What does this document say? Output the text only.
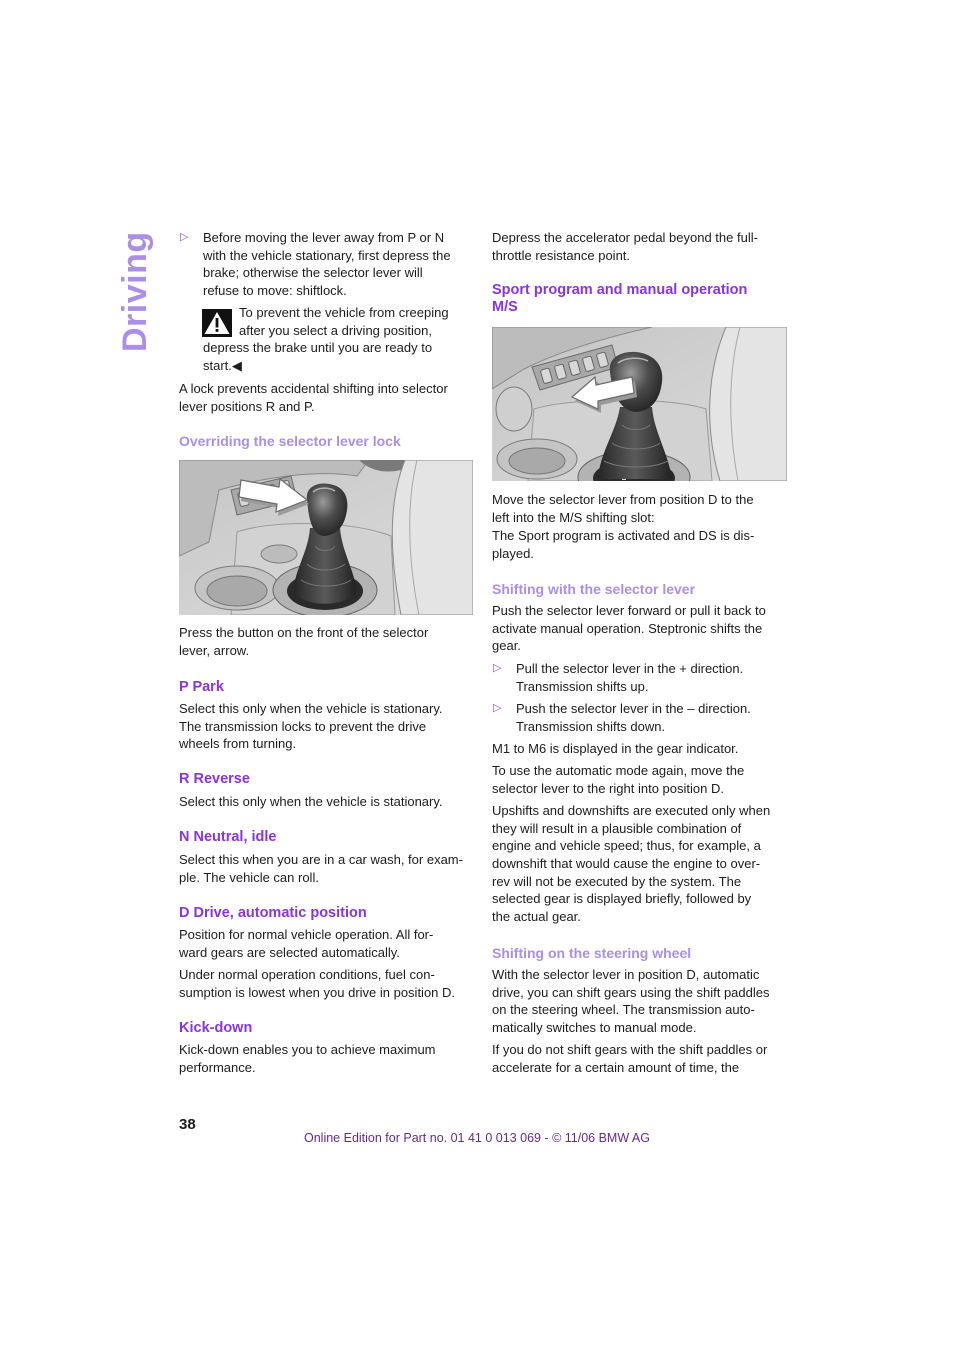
Driving ▷ Before moving the lever away from P or N
with the vehicle stationary, first depress the
brake; otherwise the selector lever will
refuse to move: shiftlock.
To prevent the vehicle from creeping
after you select a driving position,
depress the brake until you are ready to
start.◀
A lock prevents accidental shifting into selector
lever positions R and P.
Overriding the selector lever lock
Press the button on the front of the selector
lever, arrow.
P Park
Select this only when the vehicle is stationary.
The transmission locks to prevent the drive
wheels from turning.
R Reverse
Select this only when the vehicle is stationary.
N Neutral, idle
Select this when you are in a car wash, for exam-
ple. The vehicle can roll.
D Drive, automatic position
Position for normal vehicle operation. All for-
ward gears are selected automatically.
Under normal operation conditions, fuel con-
sumption is lowest when you drive in position D.
Kick-down
Kick-down enables you to achieve maximum
performance.
Depress the accelerator pedal beyond the full-
throttle resistance point.
Sport program and manual operation
M/S
Move the selector lever from position D to the
left into the M/S shifting slot:
The Sport program is activated and DS is dis-
played.
Shifting with the selector lever
Push the selector lever forward or pull it back to
activate manual operation. Steptronic shifts the
gear.
▷ Pull the selector lever in the + direction.
Transmission shifts up.
▷ Push the selector lever in the – direction.
Transmission shifts down.
M1 to M6 is displayed in the gear indicator.
To use the automatic mode again, move the
selector lever to the right into position D.
Upshifts and downshifts are executed only when
they will result in a plausible combination of
engine and vehicle speed; thus, for example, a
downshift that would cause the engine to over-
rev will not be executed by the system. The
selected gear is displayed briefly, followed by
the actual gear.
Shifting on the steering wheel
With the selector lever in position D, automatic
drive, you can shift gears using the shift paddles
on the steering wheel. The transmission auto-
matically switches to manual mode.
If you do not shift gears with the shift paddles or
accelerate for a certain amount of time, the
38
Online Edition for Part no. 01 41 0 013 069 - © 11/06 BMW AG
